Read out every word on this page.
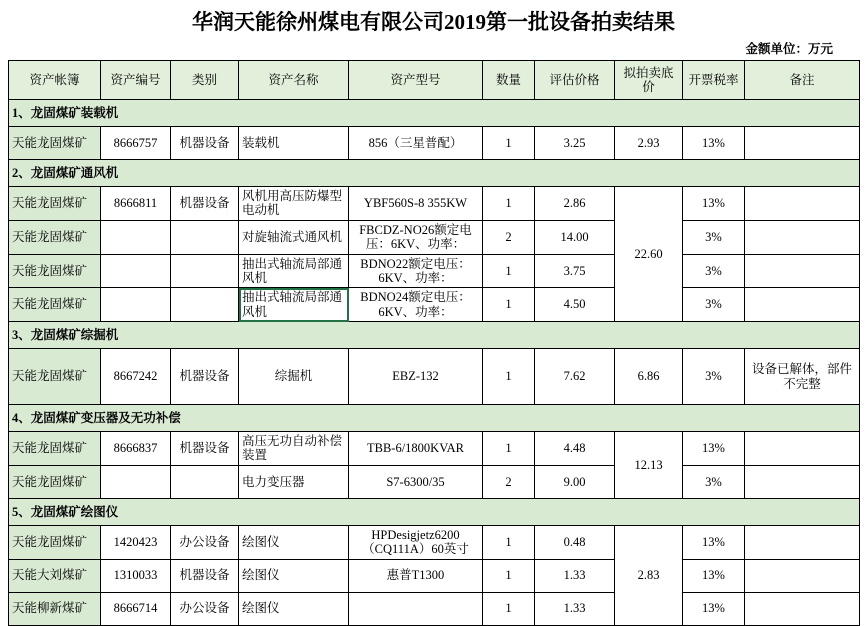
华润天能徐州煤电有限公司2019第一批设备拍卖结果
金额单位：万元
资产帐簿	资产编号	类别	资产名称	资产型号	数量	评估价格	拟拍卖底价	开票税率	备注
1、龙固煤矿装载机									
天能龙固煤矿	8666757	机器设备	装载机	856（三星普配）	1	3.25	2.93	13%	
2、龙固煤矿通风机									
天能龙固煤矿	8666811	机器设备	风机用高压防爆型电动机	YBF560S-8 355KW	1	2.86	22.60	13%	
天能龙固煤矿			对旋轴流式通风机	FBCDZ-NO26额定电压：6KV、功率：	2	14.00		3%	
天能龙固煤矿			抽出式轴流局部通风机	BDNO22额定电压：6KV、功率：	1	3.75		3%	
天能龙固煤矿			抽出式轴流局部通风机	BDNO24额定电压：6KV、功率：	1	4.50		3%	
3、龙固煤矿综掘机									
天能龙固煤矿	8667242	机器设备	综掘机	EBZ-132	1	7.62	6.86	3%	设备已解体，部件不完整
4、龙固煤矿变压器及无功补偿									
天能龙固煤矿	8666837	机器设备	高压无功自动补偿装置	TBB-6/1800KVAR	1	4.48	12.13	13%	
天能龙固煤矿			电力变压器	S7-6300/35	2	9.00		3%	
5、龙固煤矿绘图仪									
天能龙固煤矿	1420423	办公设备	绘图仪	HPDesigjetz6200（CQ111A）60英寸	1	0.48	2.83	13%	
天能大刘煤矿	1310033	机器设备	绘图仪	惠普T1300	1	1.33		13%	
天能柳新煤矿	8666714	办公设备	绘图仪		1	1.33		13%	
